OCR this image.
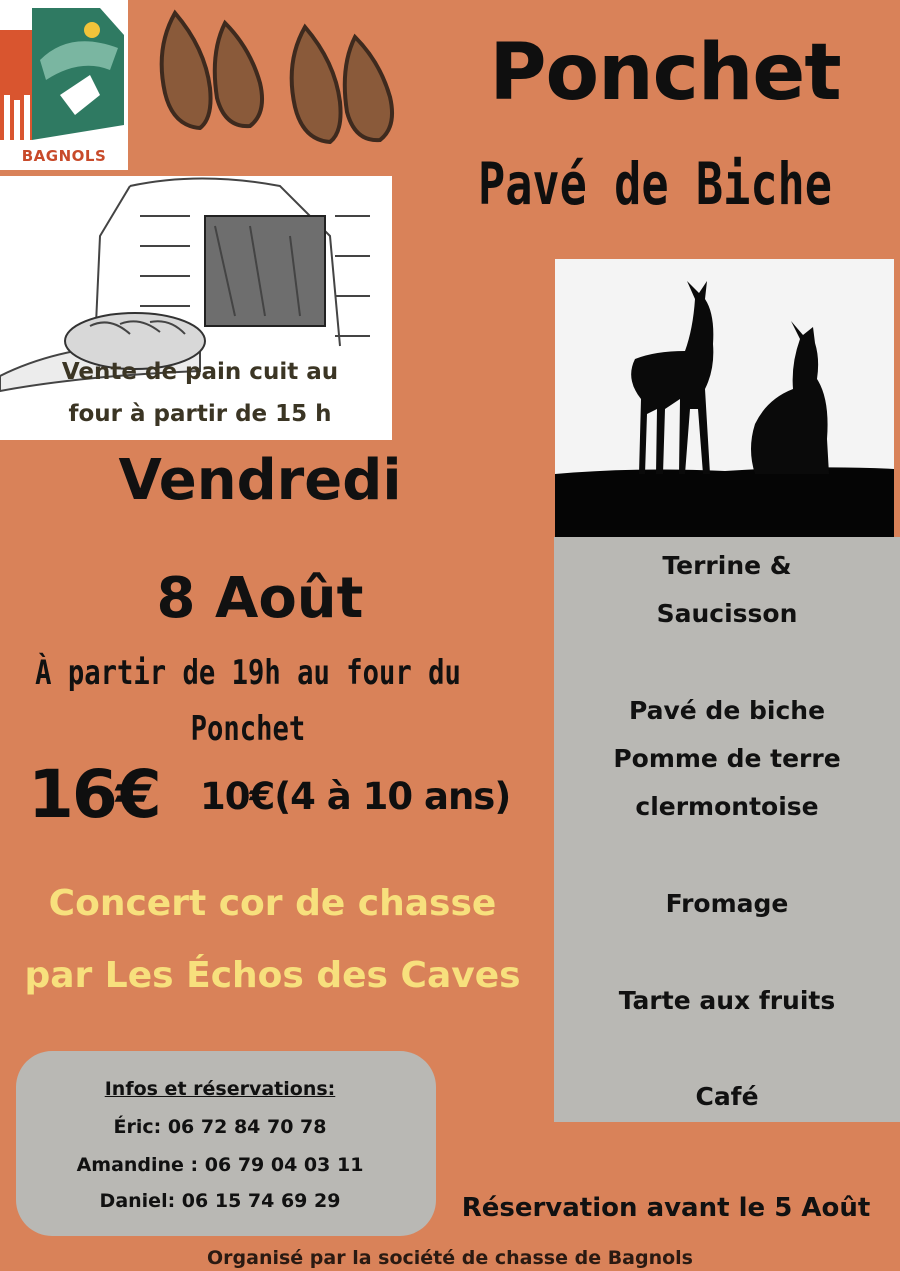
BAGNOLS
Ponchet
Pavé de Biche
Vente de pain cuit au
four à partir de 15 h
Vendredi
8 Août
À partir de 19h au four du
Ponchet
16€ 10€(4 à 10 ans)
Concert cor de chasse
par Les Échos des Caves
Terrine &
Saucisson
Pavé de biche
Pomme de terre
clermontoise
Fromage
Tarte aux fruits
Café
Infos et réservations:
Éric: 06 72 84 70 78
Amandine : 06 79 04 03 11
Daniel: 06 15 74 69 29	Réservation avant le 5 Août
Organisé par la société de chasse de Bagnols
